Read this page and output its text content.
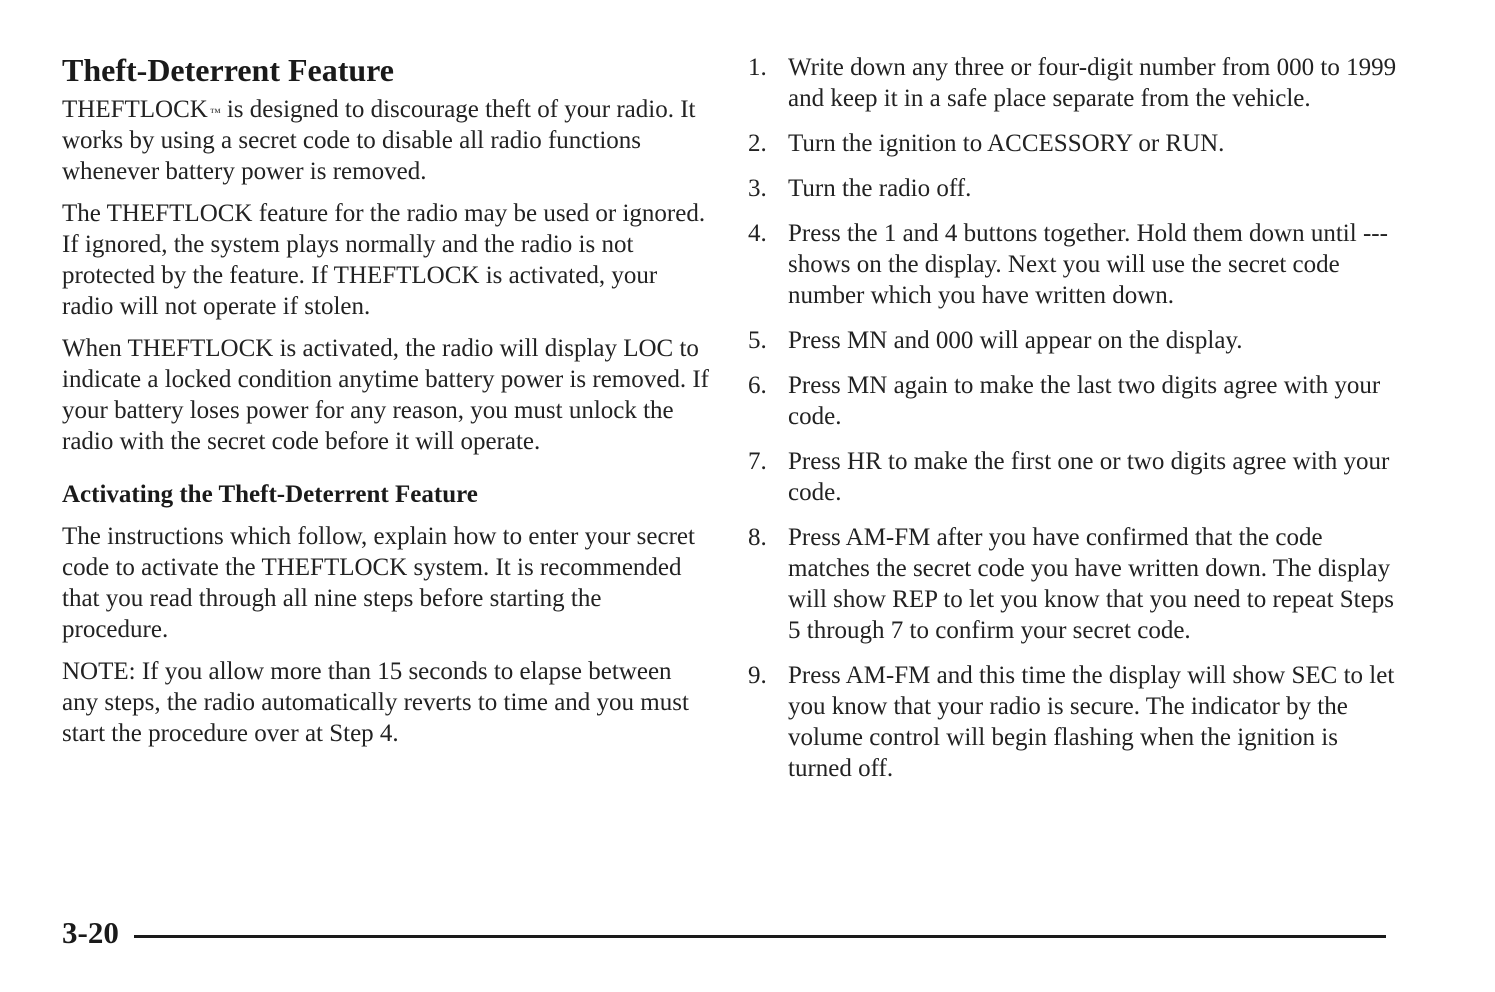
Theft-Deterrent Feature

THEFTLOCK ™ is designed to discourage theft of your radio. It works by using a secret code to disable all radio functions whenever battery power is removed.

The THEFTLOCK feature for the radio may be used or ignored. If ignored, the system plays normally and the radio is not protected by the feature. If THEFTLOCK is activated, your radio will not operate if stolen.

When THEFTLOCK is activated, the radio will display LOC to indicate a locked condition anytime battery power is removed. If your battery loses power for any reason, you must unlock the radio with the secret code before it will operate.

Activating the Theft-Deterrent Feature

The instructions which follow, explain how to enter your secret code to activate the THEFTLOCK system. It is recommended that you read through all nine steps before starting the procedure.

NOTE: If you allow more than 15 seconds to elapse between any steps, the radio automatically reverts to time and you must start the procedure over at Step 4.

1. Write down any three or four-digit number from 000 to 1999 and keep it in a safe place separate from the vehicle.
2. Turn the ignition to ACCESSORY or RUN.
3. Turn the radio off.
4. Press the 1 and 4 buttons together. Hold them down until --- shows on the display. Next you will use the secret code number which you have written down.
5. Press MN and 000 will appear on the display.
6. Press MN again to make the last two digits agree with your code.
7. Press HR to make the first one or two digits agree with your code.
8. Press AM-FM after you have confirmed that the code matches the secret code you have written down. The display will show REP to let you know that you need to repeat Steps 5 through 7 to confirm your secret code.
9. Press AM-FM and this time the display will show SEC to let you know that your radio is secure. The indicator by the volume control will begin flashing when the ignition is turned off.
3-20
